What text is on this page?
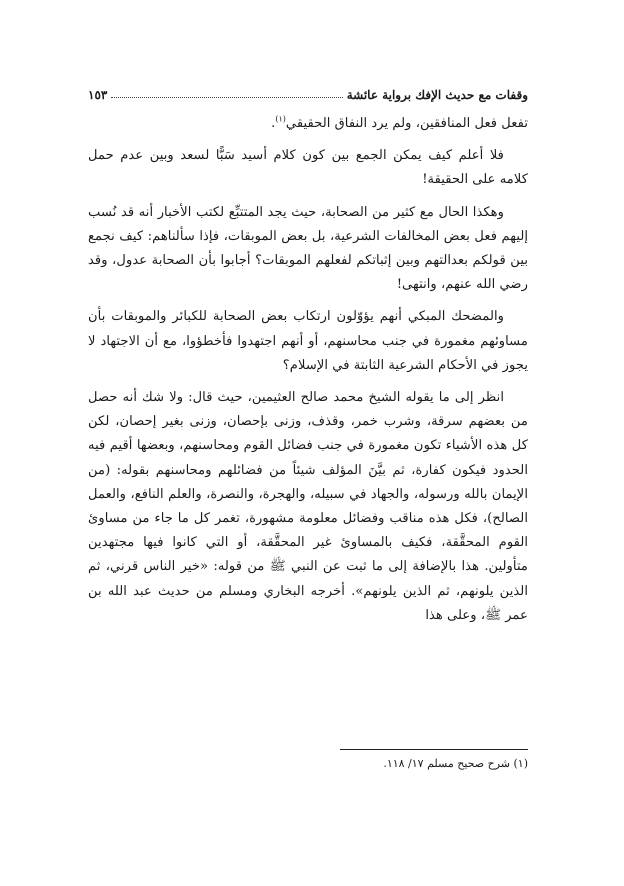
وقفات مع حديث الإفك برواية عائشة
١٥٣

تفعل فعل المنافقين، ولم يرد النفاق الحقيقي$^{(١)}$.

فلا أعلم كيف يمكن الجمع بين كون كلام أسيد سَبًّا لسعد وبين عدم حمل كلامه على الحقيقة!

وهكذا الحال مع كثير من الصحابة، حيث يجد المتتبِّع لكتب الأخبار أنه قد نُسب إليهم فعل بعض المخالفات الشرعية، بل بعض الموبقات، فإذا سألناهم: كيف نجمع بين قولكم بعدالتهم وبين إثباتكم لفعلهم الموبقات؟ أجابوا بأن الصحابة عدول، وقد رضي الله عنهم، وانتهى!

والمضحك المبكي أنهم يؤوّلون ارتكاب بعض الصحابة للكبائر والموبقات بأن مساوئهم مغمورة في جنب محاسنهم، أو أنهم اجتهدوا فأخطؤوا، مع أن الاجتهاد لا يجوز في الأحكام الشرعية الثابتة في الإسلام؟

انظر إلى ما يقوله الشيخ محمد صالح العثيمين، حيث قال: ولا شك أنه حصل من بعضهم سرقة، وشرب خمر، وقذف، وزنى بإحصان، وزنى بغير إحصان، لكن كل هذه الأشياء تكون مغمورة في جنب فضائل القوم ومحاسنهم، وبعضها أقيم فيه الحدود فيكون كفارة، ثم بيَّنَ المؤلف شيئاً من فضائلهم ومحاسنهم بقوله: (من الإيمان بالله ورسوله، والجهاد في سبيله، والهجرة، والنصرة، والعلم النافع، والعمل الصالح)، فكل هذه مناقب وفضائل معلومة مشهورة، تغمر كل ما جاء من مساوئ القوم المحقَّقة، فكيف بالمساوئ غير المحقَّقة، أو التي كانوا فيها مجتهدين متأولين. هذا بالإضافة إلى ما ثبت عن النبي ﷺ من قوله: «خير الناس قرني، ثم الذين يلونهم، ثم الذين يلونهم». أخرجه البخاري ومسلم من حديث عبد الله بن عمر ﷺ، وعلى هذا

(١) شرح صحيح مسلم ١٧/ ١١٨.
